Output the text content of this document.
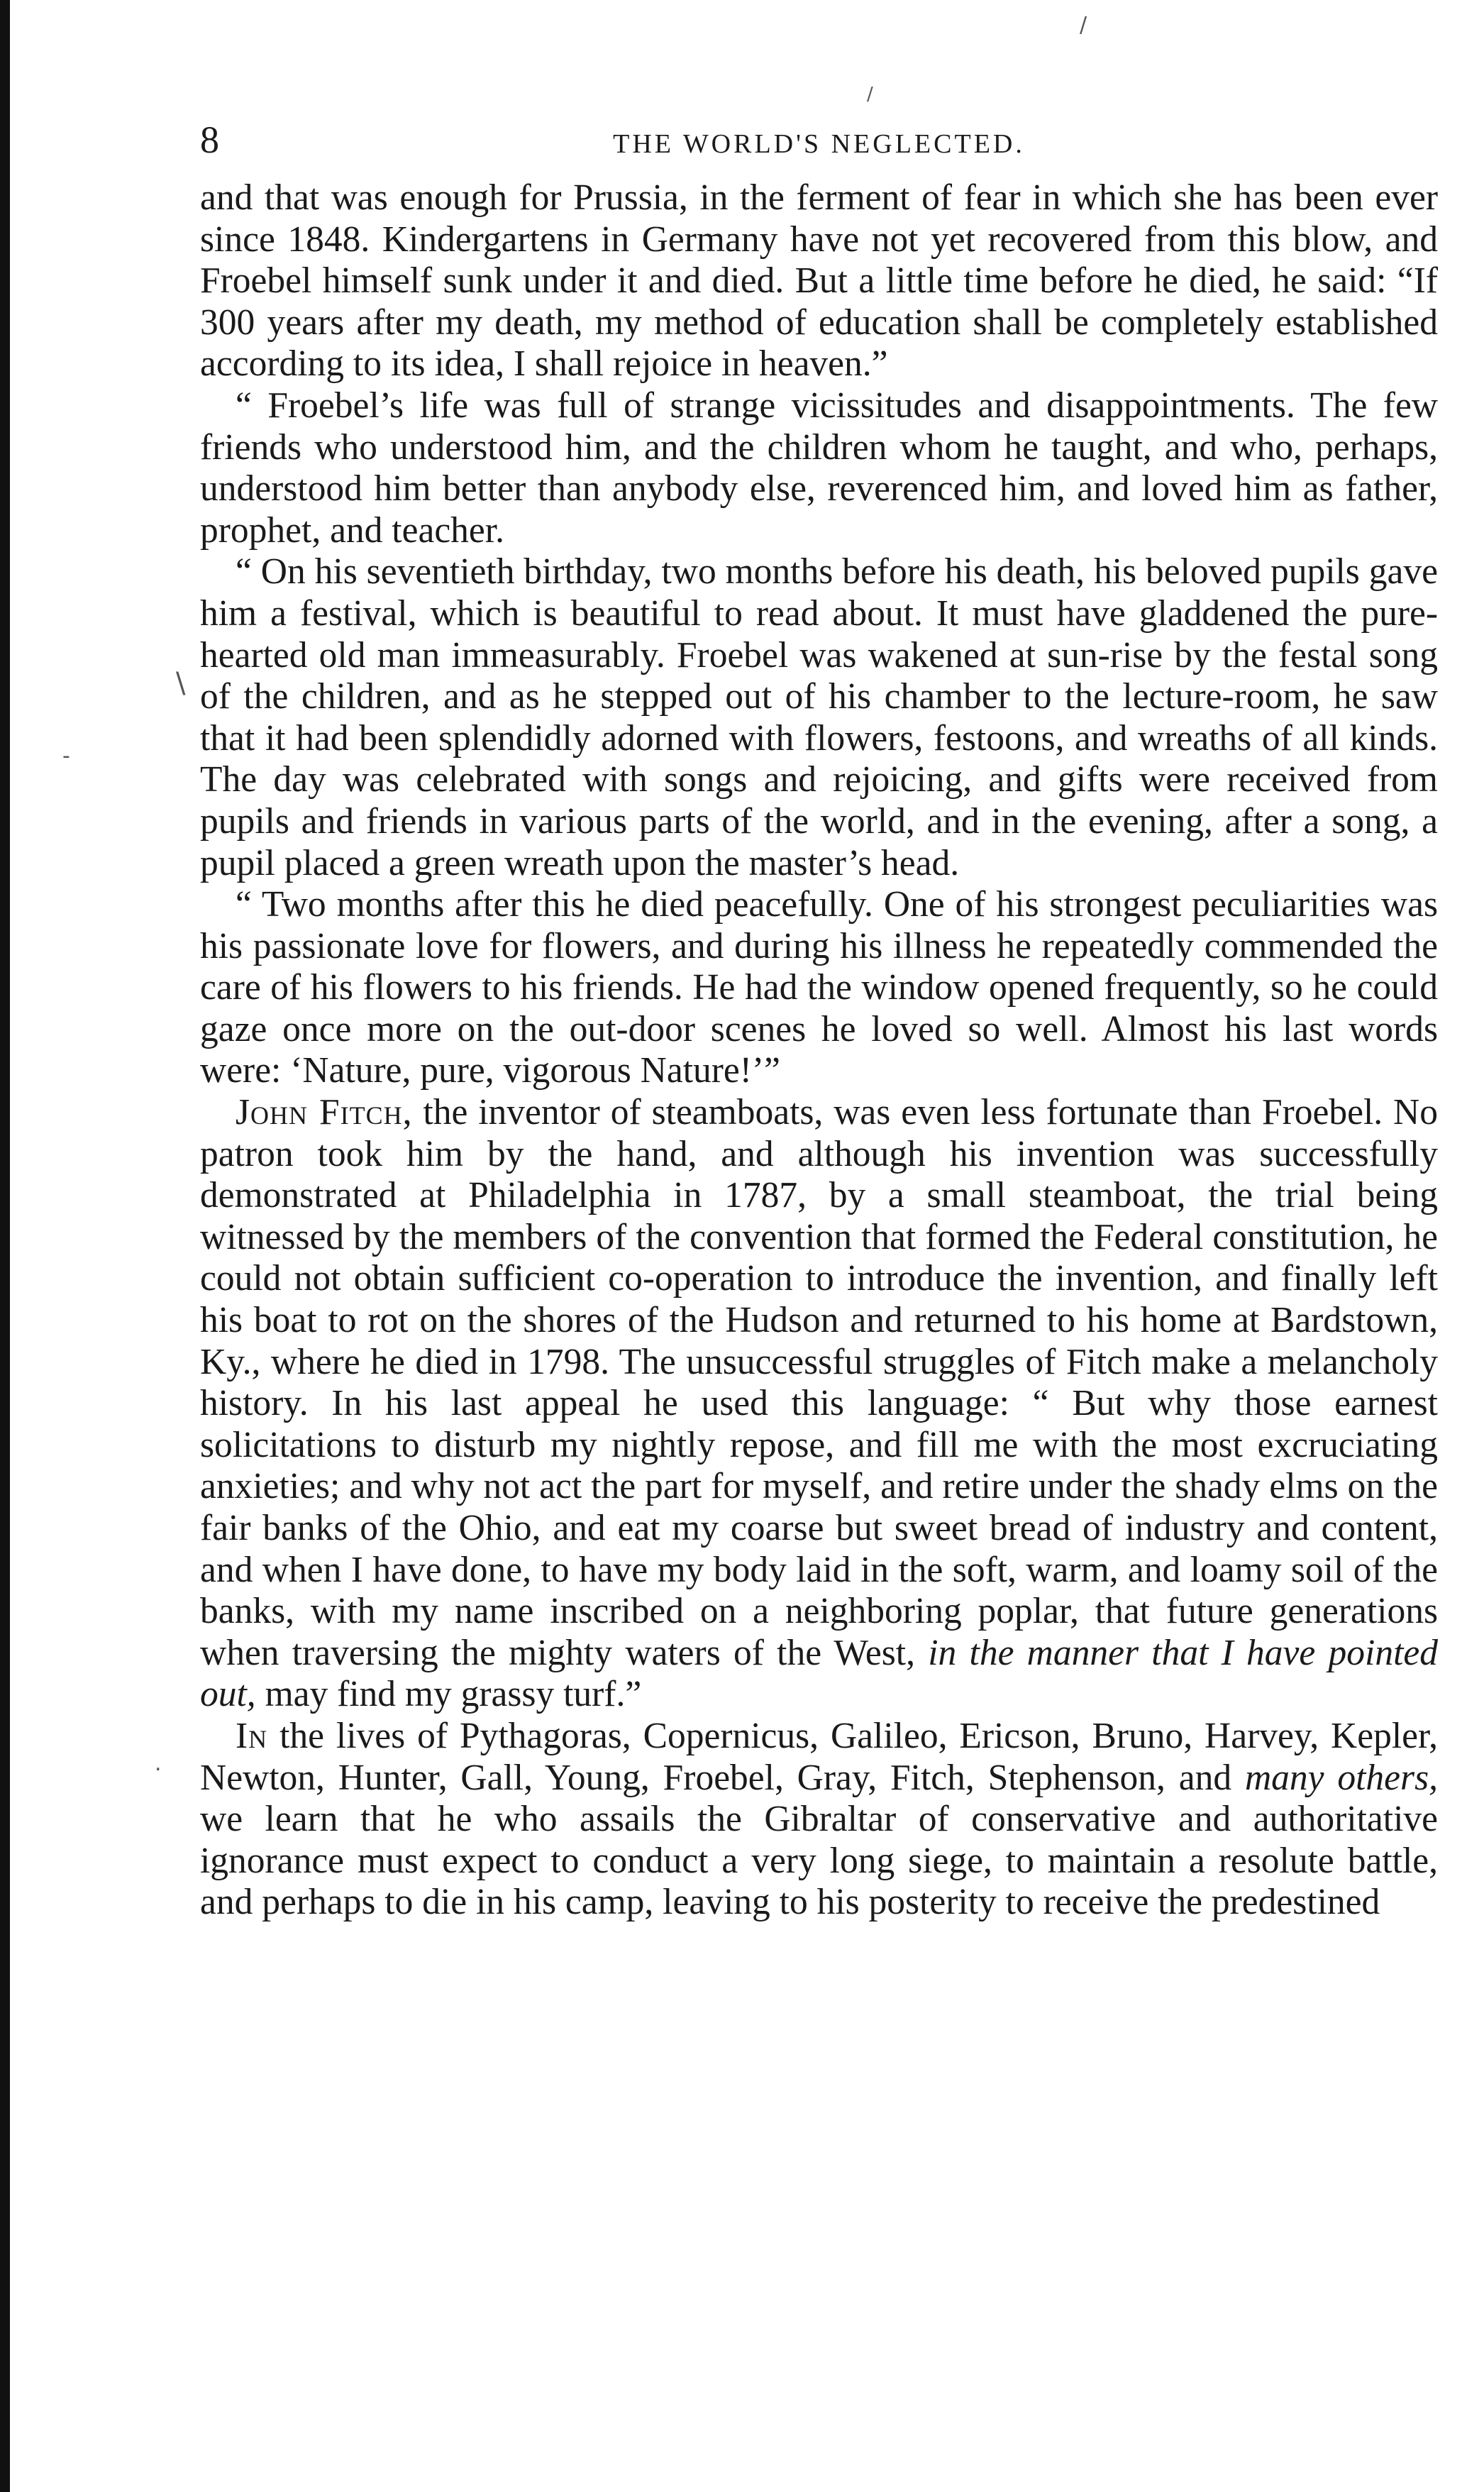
/
/
\
-
.
8	THE WORLD'S NEGLECTED.

and that was enough for Prussia, in the ferment of fear in which she has been ever since 1848. Kindergartens in Germany have not yet recovered from this blow, and Froebel himself sunk under it and died. But a little time before he died, he said: “If 300 years after my death, my method of education shall be completely established according to its idea, I shall rejoice in heaven.”

“ Froebel’s life was full of strange vicissitudes and disappointments. The few friends who understood him, and the children whom he taught, and who, perhaps, understood him better than anybody else, reverenced him, and loved him as father, prophet, and teacher.

“ On his seventieth birthday, two months before his death, his beloved pupils gave him a festival, which is beautiful to read about. It must have gladdened the pure-hearted old man immeasurably. Froebel was wakened at sun-rise by the festal song of the children, and as he stepped out of his chamber to the lecture-room, he saw that it had been splendidly adorned with flowers, festoons, and wreaths of all kinds. The day was celebrated with songs and rejoicing, and gifts were received from pupils and friends in various parts of the world, and in the evening, after a song, a pupil placed a green wreath upon the master’s head.

“ Two months after this he died peacefully. One of his strongest peculiarities was his passionate love for flowers, and during his illness he repeatedly commended the care of his flowers to his friends. He had the window opened frequently, so he could gaze once more on the out-door scenes he loved so well. Almost his last words were: ‘Nature, pure, vigorous Nature!’”

John Fitch, the inventor of steamboats, was even less fortunate than Froebel. No patron took him by the hand, and although his invention was successfully demonstrated at Philadelphia in 1787, by a small steamboat, the trial being witnessed by the members of the convention that formed the Federal constitution, he could not obtain sufficient co-operation to introduce the invention, and finally left his boat to rot on the shores of the Hudson and returned to his home at Bardstown, Ky., where he died in 1798. The unsuccessful struggles of Fitch make a melancholy history. In his last appeal he used this language: “ But why those earnest solicitations to disturb my nightly repose, and fill me with the most excruciating anxieties; and why not act the part for myself, and retire under the shady elms on the fair banks of the Ohio, and eat my coarse but sweet bread of industry and content, and when I have done, to have my body laid in the soft, warm, and loamy soil of the banks, with my name inscribed on a neighboring poplar, that future generations when traversing the mighty waters of the West, in the manner that I have pointed out, may find my grassy turf.”

In the lives of Pythagoras, Copernicus, Galileo, Ericson, Bruno, Harvey, Kepler, Newton, Hunter, Gall, Young, Froebel, Gray, Fitch, Stephenson, and many others, we learn that he who assails the Gibraltar of conservative and authoritative ignorance must expect to conduct a very long siege, to maintain a resolute battle, and perhaps to die in his camp, leaving to his posterity to receive the predestined
